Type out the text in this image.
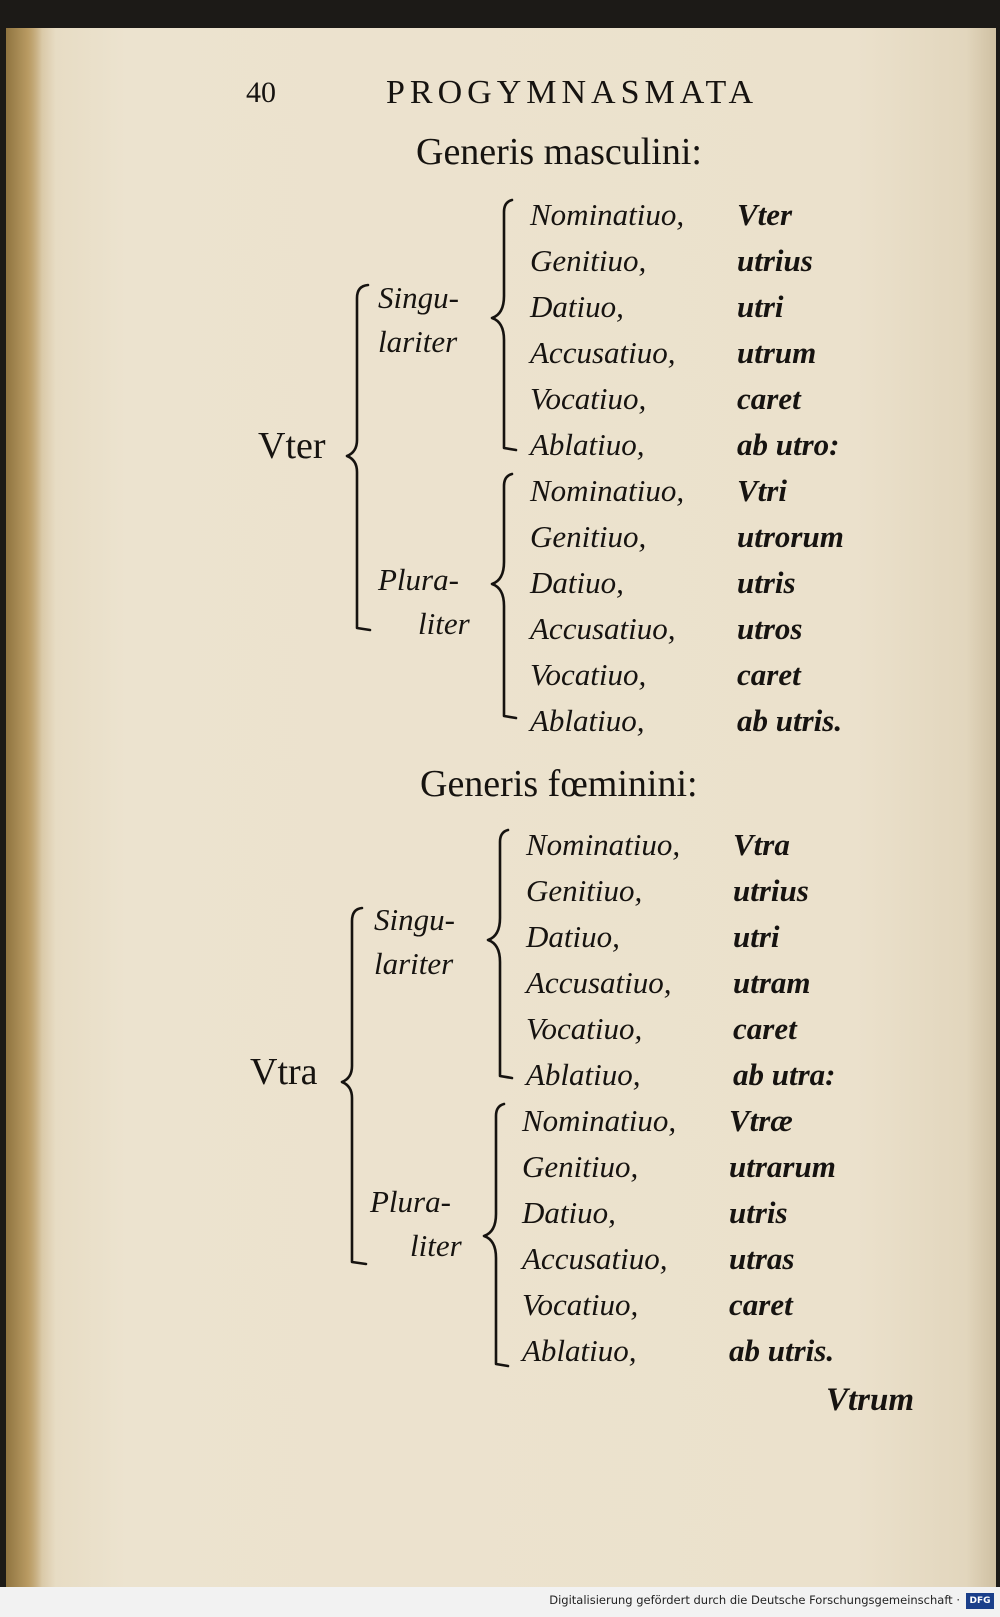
40	PROGYMNASMATA
Generis masculini:
Vter
Singu-
lariter
Plura-
liter
Nominatiuo,	Vter
Genitiuo,	utrius
Datiuo,	utri
Accusatiuo,	utrum
Vocatiuo,	caret
Ablatiuo,	ab utro:
Nominatiuo,	Vtri
Genitiuo,	utrorum
Datiuo,	utris
Accusatiuo,	utros
Vocatiuo,	caret
Ablatiuo,	ab utris.
Generis fœminini:
Vtra
Singu-
lariter
Plura-
liter
Nominatiuo,	Vtra
Genitiuo,	utrius
Datiuo,	utri
Accusatiuo,	utram
Vocatiuo,	caret
Ablatiuo,	ab utra:
Nominatiuo,	Vtræ
Genitiuo,	utrarum
Datiuo,	utris
Accusatiuo,	utras
Vocatiuo,	caret
Ablatiuo,	ab utris.
Vtrum
Digitalisierung gefördert durch die Deutsche Forschungsgemeinschaft ·	DFG
